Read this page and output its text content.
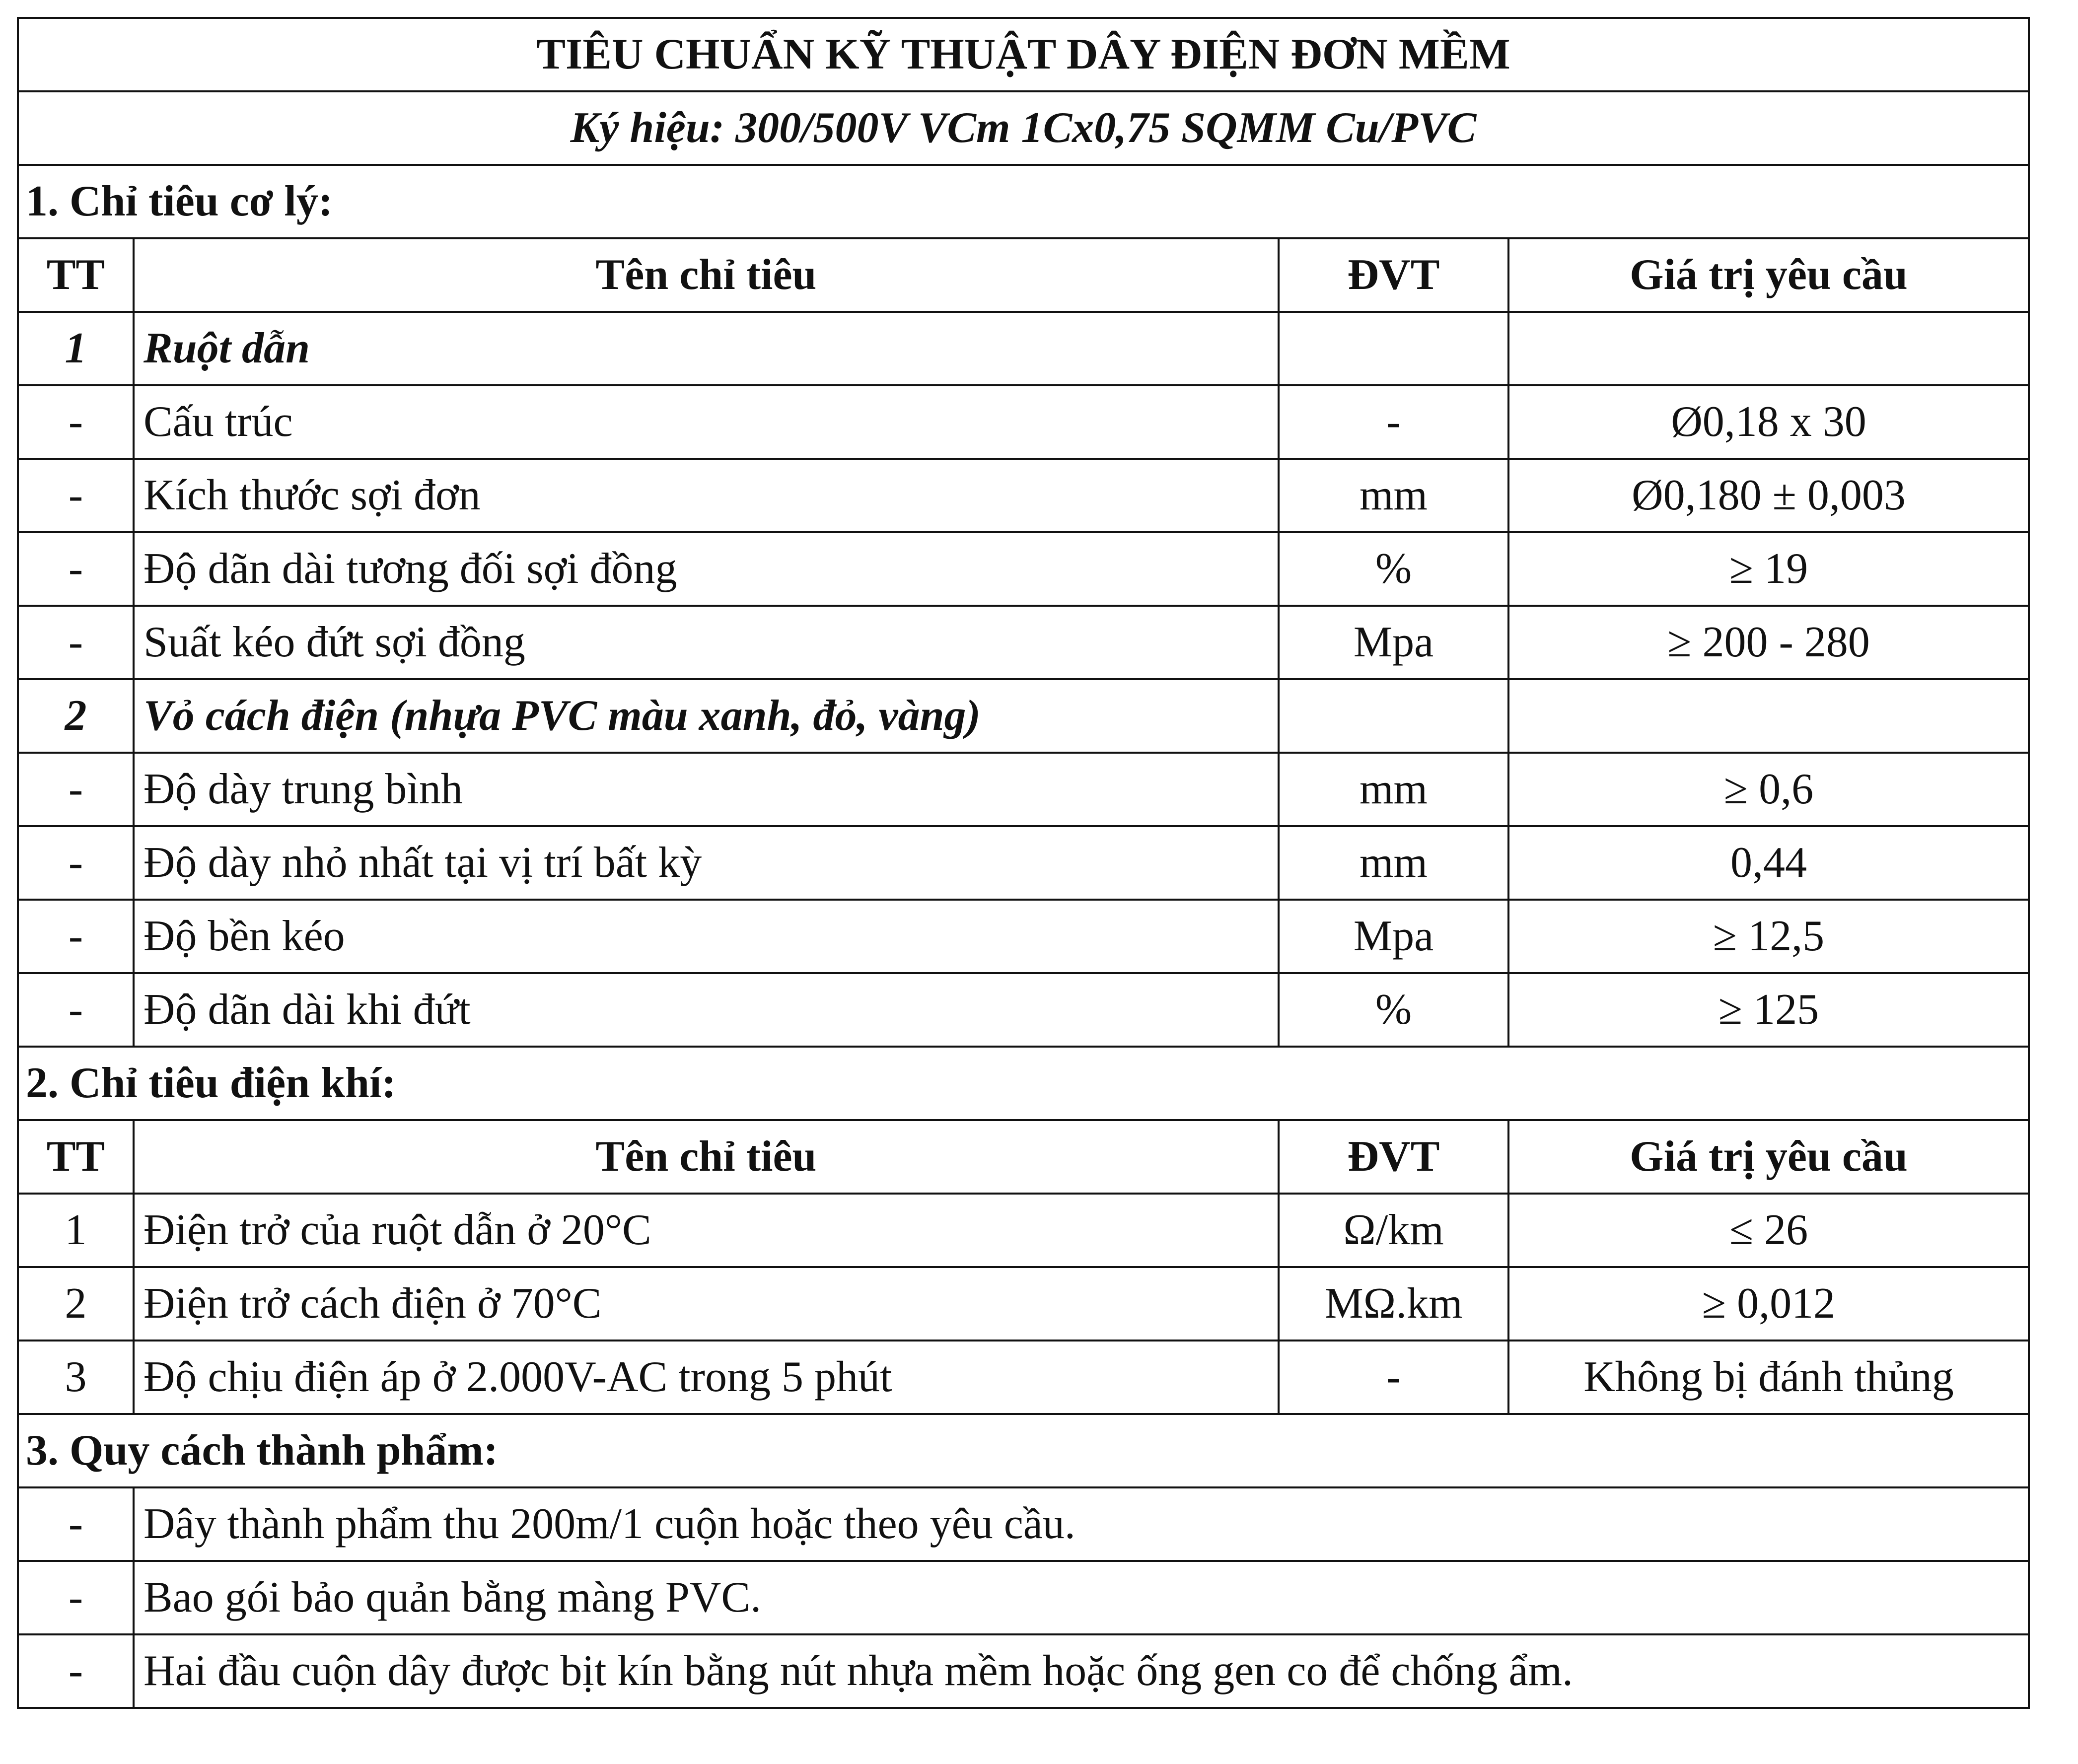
TIÊU CHUẨN KỸ THUẬT DÂY ĐIỆN ĐƠN MỀM			
Ký hiệu: 300/500V VCm 1Cx0,75 SQMM Cu/PVC			
1. Chỉ tiêu cơ lý:			
TT	Tên chỉ tiêu	ĐVT	Giá trị yêu cầu
1	Ruột dẫn		
-	Cấu trúc	-	Ø0,18 x 30
-	Kích thước sợi đơn	mm	Ø0,180 ± 0,003
-	Độ dãn dài tương đối sợi đồng	%	≥ 19
-	Suất kéo đứt sợi đồng	Mpa	≥ 200 - 280
2	Vỏ cách điện (nhựa PVC màu xanh, đỏ, vàng)		
-	Độ dày trung bình	mm	≥ 0,6
-	Độ dày nhỏ nhất tại vị trí bất kỳ	mm	0,44
-	Độ bền kéo	Mpa	≥ 12,5
-	Độ dãn dài khi đứt	%	≥ 125
2. Chỉ tiêu điện khí:			
TT	Tên chỉ tiêu	ĐVT	Giá trị yêu cầu
1	Điện trở của ruột dẫn ở 20°C	Ω/km	≤ 26
2	Điện trở cách điện ở 70°C	MΩ.km	≥ 0,012
3	Độ chịu điện áp ở 2.000V-AC trong 5 phút	-	Không bị đánh thủng
3. Quy cách thành phẩm:			
-	Dây thành phẩm thu 200m/1 cuộn hoặc theo yêu cầu.		
-	Bao gói bảo quản bằng màng PVC.		
-	Hai đầu cuộn dây được bịt kín bằng nút nhựa mềm hoặc ống gen co để chống ẩm.		
